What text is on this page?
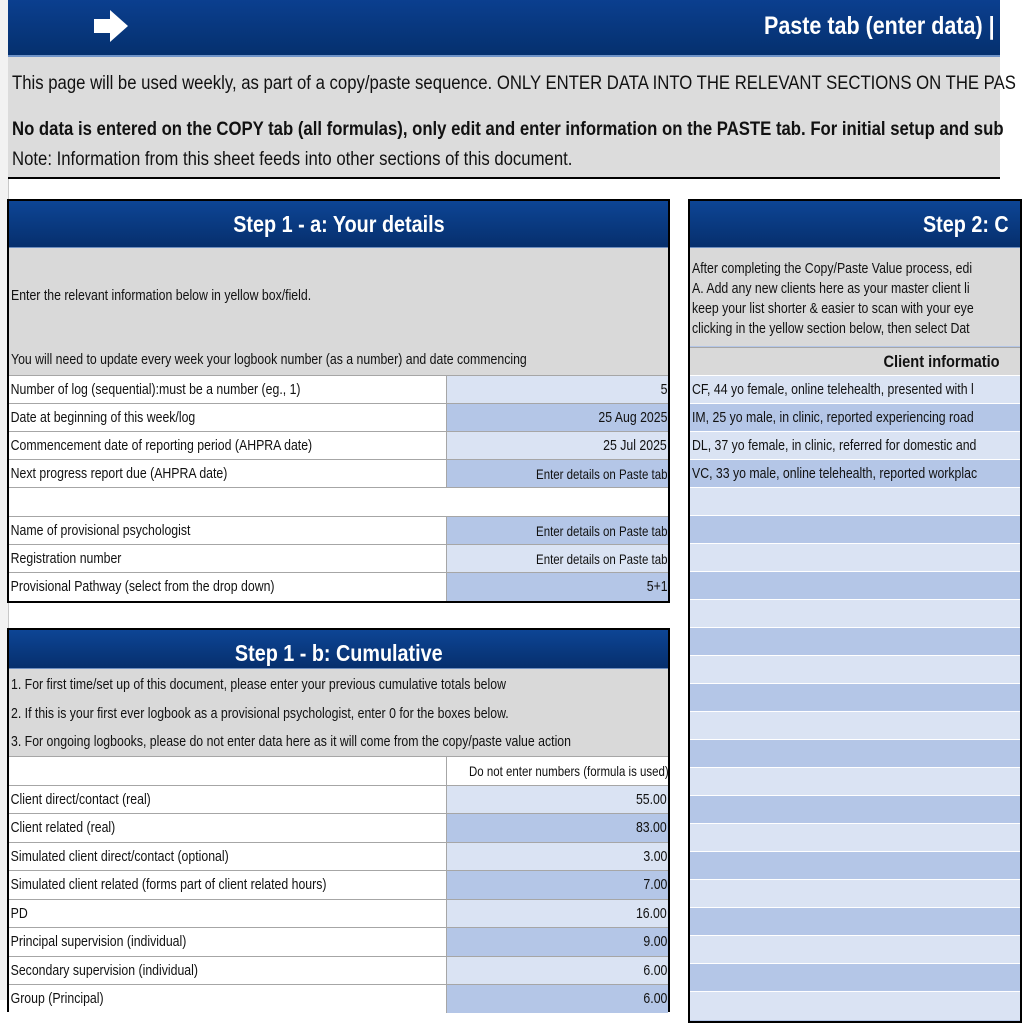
Paste tab (enter data) |
This page will be used weekly, as part of a copy/paste sequence. ONLY ENTER DATA INTO THE RELEVANT SECTIONS ON THE PAS
No data is entered on the COPY tab (all formulas), only edit and enter information on the PASTE tab. For initial setup and sub
Note: Information from this sheet feeds into other sections of this document.
Step 1 - a: Your details
Enter the relevant information below in yellow box/field.
You will need to update every week your logbook number (as a number) and date commencing
Number of log (sequential):must be a number (eg., 1)	5
Date at beginning of this week/log	25 Aug 2025
Commencement date of reporting period (AHPRA date)	25 Jul 2025
Next progress report due (AHPRA date)	Enter details on Paste tab
Name of provisional psychologist	Enter details on Paste tab
Registration number	Enter details on Paste tab
Provisional Pathway (select from the drop down)	5+1
Step 1 - b: Cumulative
1. For first time/set up of this document, please enter your previous cumulative totals below
2. If this is your first ever logbook as a provisional psychologist, enter 0 for the boxes below.
3. For ongoing logbooks, please do not enter data here as it will come from the copy/paste value action
Do not enter numbers (formula is used)
Client direct/contact (real)	55.00
Client related (real)	83.00
Simulated client direct/contact (optional)	3.00
Simulated client related (forms part of client related hours)	7.00
PD	16.00
Principal supervision (individual)	9.00
Secondary supervision (individual)	6.00
Group (Principal)	6.00
Step 2: C
After completing the Copy/Paste Value process, edi
A. Add any new clients here as your master client li
keep your list shorter & easier to scan with your eye
clicking in the yellow section below, then select Dat
Client informatio
CF, 44 yo female, online telehealth, presented with l
IM, 25 yo male, in clinic, reported experiencing road
DL, 37 yo female, in clinic, referred for domestic and
VC, 33 yo male, online telehealth, reported workplac
